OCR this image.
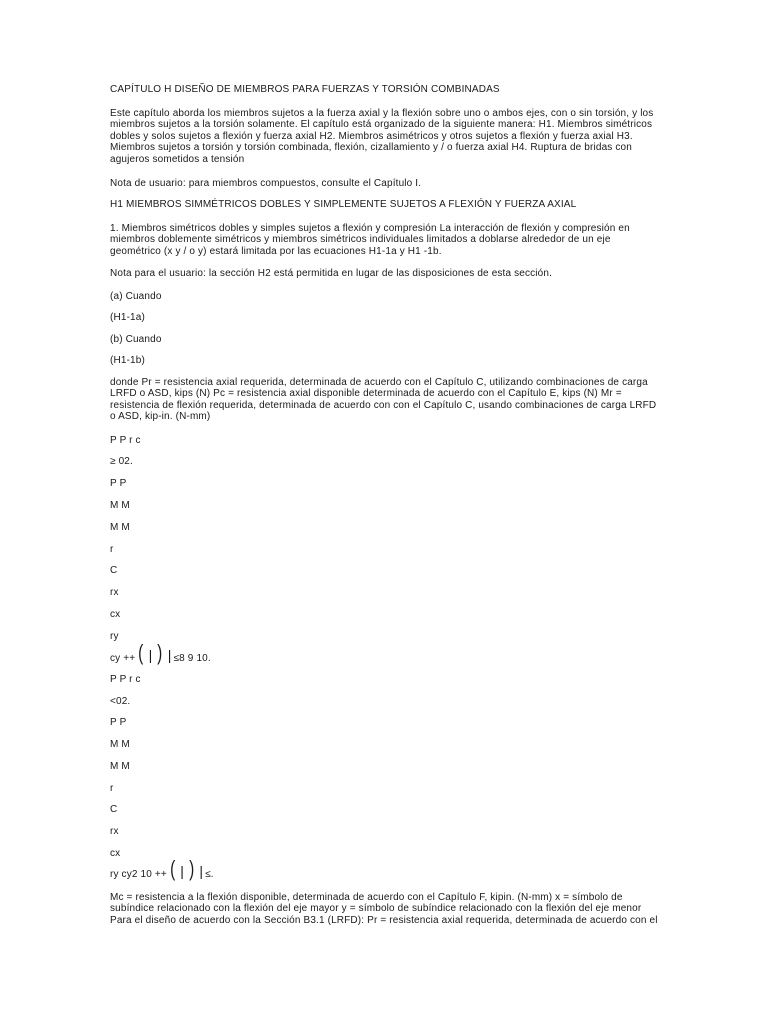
CAPÍTULO H DISEÑO DE MIEMBROS PARA FUERZAS Y TORSIÓN COMBINADAS

Este capítulo aborda los miembros sujetos a la fuerza axial y la flexión sobre uno o ambos ejes, con o sin torsión, y los miembros sujetos a la torsión solamente. El capítulo está organizado de la siguiente manera: H1. Miembros simétricos dobles y solos sujetos a flexión y fuerza axial H2. Miembros asimétricos y otros sujetos a flexión y fuerza axial H3. Miembros sujetos a torsión y torsión combinada, flexión, cizallamiento y / o fuerza axial H4. Ruptura de bridas con agujeros sometidos a tensión

Nota de usuario: para miembros compuestos, consulte el Capítulo I.

H1 MIEMBROS SIMMÉTRICOS DOBLES Y SIMPLEMENTE SUJETOS A FLEXIÓN Y FUERZA AXIAL

1. Miembros simétricos dobles y simples sujetos a flexión y compresión La interacción de flexión y compresión en miembros doblemente simétricos y miembros simétricos individuales limitados a doblarse alrededor de un eje geométrico (x y / o y) estará limitada por las ecuaciones H1-1a y H1 -1b.

Nota para el usuario: la sección H2 está permitida en lugar de las disposiciones de esta sección.

(a) Cuando

(H1-1a)

(b) Cuando

(H1-1b)

donde Pr = resistencia axial requerida, determinada de acuerdo con el Capítulo C, utilizando combinaciones de carga LRFD o ASD, kips (N) Pc = resistencia axial disponible determinada de acuerdo con el Capítulo E, kips (N) Mr = resistencia de flexión requerida, determinada de acuerdo con con el Capítulo C, usando combinaciones de carga LRFD o ASD, kip-in. (N-mm)

P P r c

≥ 02.

P P

M M

M M

r

C

rx

cx

ry

cy ++ ( | ) | ≤8 9 10.

P P r c

<02.

P P

M M

M M

r

C

rx

cx

ry cy2 10 ++ ( | ) | ≤.

Mc = resistencia a la flexión disponible, determinada de acuerdo con el Capítulo F, kipin. (N-mm) x = símbolo de subíndice relacionado con la flexión del eje mayor y = símbolo de subíndice relacionado con la flexión del eje menor Para el diseño de acuerdo con la Sección B3.1 (LRFD): Pr = resistencia axial requerida, determinada de acuerdo con el
